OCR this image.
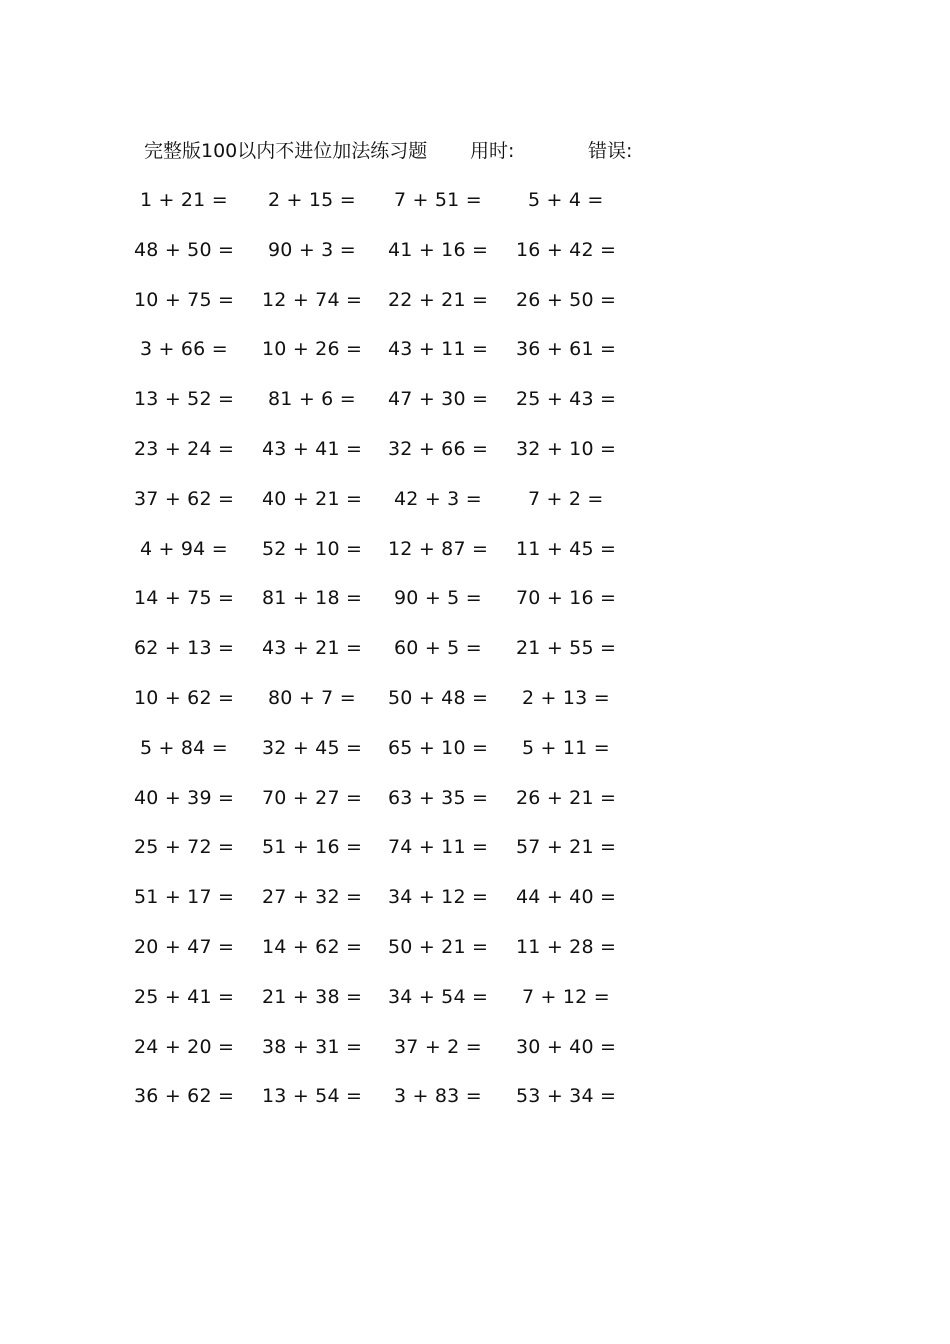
完整版100以内不进位加法练习题 用时:	错误:
1 + 21 = 2 + 15 = 7 + 51 = 5 + 4 =
48 + 50 = 90 + 3 = 41 + 16 = 16 + 42 =
10 + 75 = 12 + 74 = 22 + 21 = 26 + 50 =
3 + 66 = 10 + 26 = 43 + 11 = 36 + 61 =
13 + 52 = 81 + 6 = 47 + 30 = 25 + 43 =
23 + 24 = 43 + 41 = 32 + 66 = 32 + 10 =
37 + 62 = 40 + 21 = 42 + 3 = 7 + 2 =
4 + 94 = 52 + 10 = 12 + 87 = 11 + 45 =
14 + 75 = 81 + 18 = 90 + 5 = 70 + 16 =
62 + 13 = 43 + 21 = 60 + 5 = 21 + 55 =
10 + 62 = 80 + 7 = 50 + 48 = 2 + 13 =
5 + 84 = 32 + 45 = 65 + 10 = 5 + 11 =
40 + 39 = 70 + 27 = 63 + 35 = 26 + 21 =
25 + 72 = 51 + 16 = 74 + 11 = 57 + 21 =
51 + 17 = 27 + 32 = 34 + 12 = 44 + 40 =
20 + 47 = 14 + 62 = 50 + 21 = 11 + 28 =
25 + 41 = 21 + 38 = 34 + 54 = 7 + 12 =
24 + 20 = 38 + 31 = 37 + 2 = 30 + 40 =
36 + 62 = 13 + 54 = 3 + 83 = 53 + 34 =
